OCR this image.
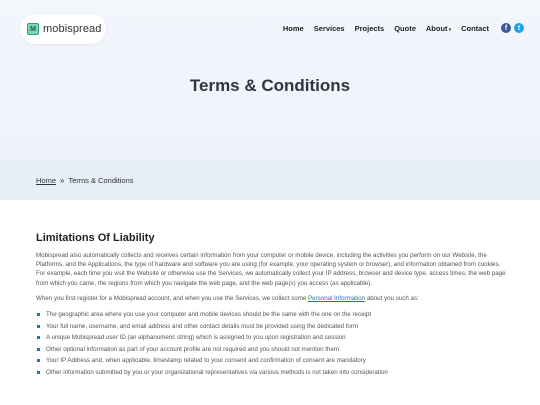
M mobispread	Home Services Projects Quote About▾ Contact	f	t
Terms & Conditions
Home » Terms & Conditions
Limitations Of Liability

Mobispread also automatically collects and receives certain information from your computer or mobile device, including the activities you perform on our Website, the Platforms, and the Applications, the type of hardware and software you are using (for example, your operating system or browser), and information obtained from cookies. For example, each time you visit the Website or otherwise use the Services, we automatically collect your IP address, browser and device type, access times, the web page from which you came, the regions from which you navigate the web page, and the web page(s) you access (as applicable).

When you first register for a Mobispread account, and when you use the Services, we collect some Personal Information about you such as:

The geographic area where you use your computer and mobile devices should be the same with the one on the receipt
Your full name, username, and email address and other contact details must be provided using the dedicated form
A unique Mobispread user ID (an alphanumeric string) which is assigned to you upon registration and session
Other optional information as part of your account profile are not required and you should not mention them
Your IP Address and, when applicable, timestamp related to your consent and confirmation of consent are mandatory
Other information submitted by you or your organizational representatives via various methods is not taken into consideration
